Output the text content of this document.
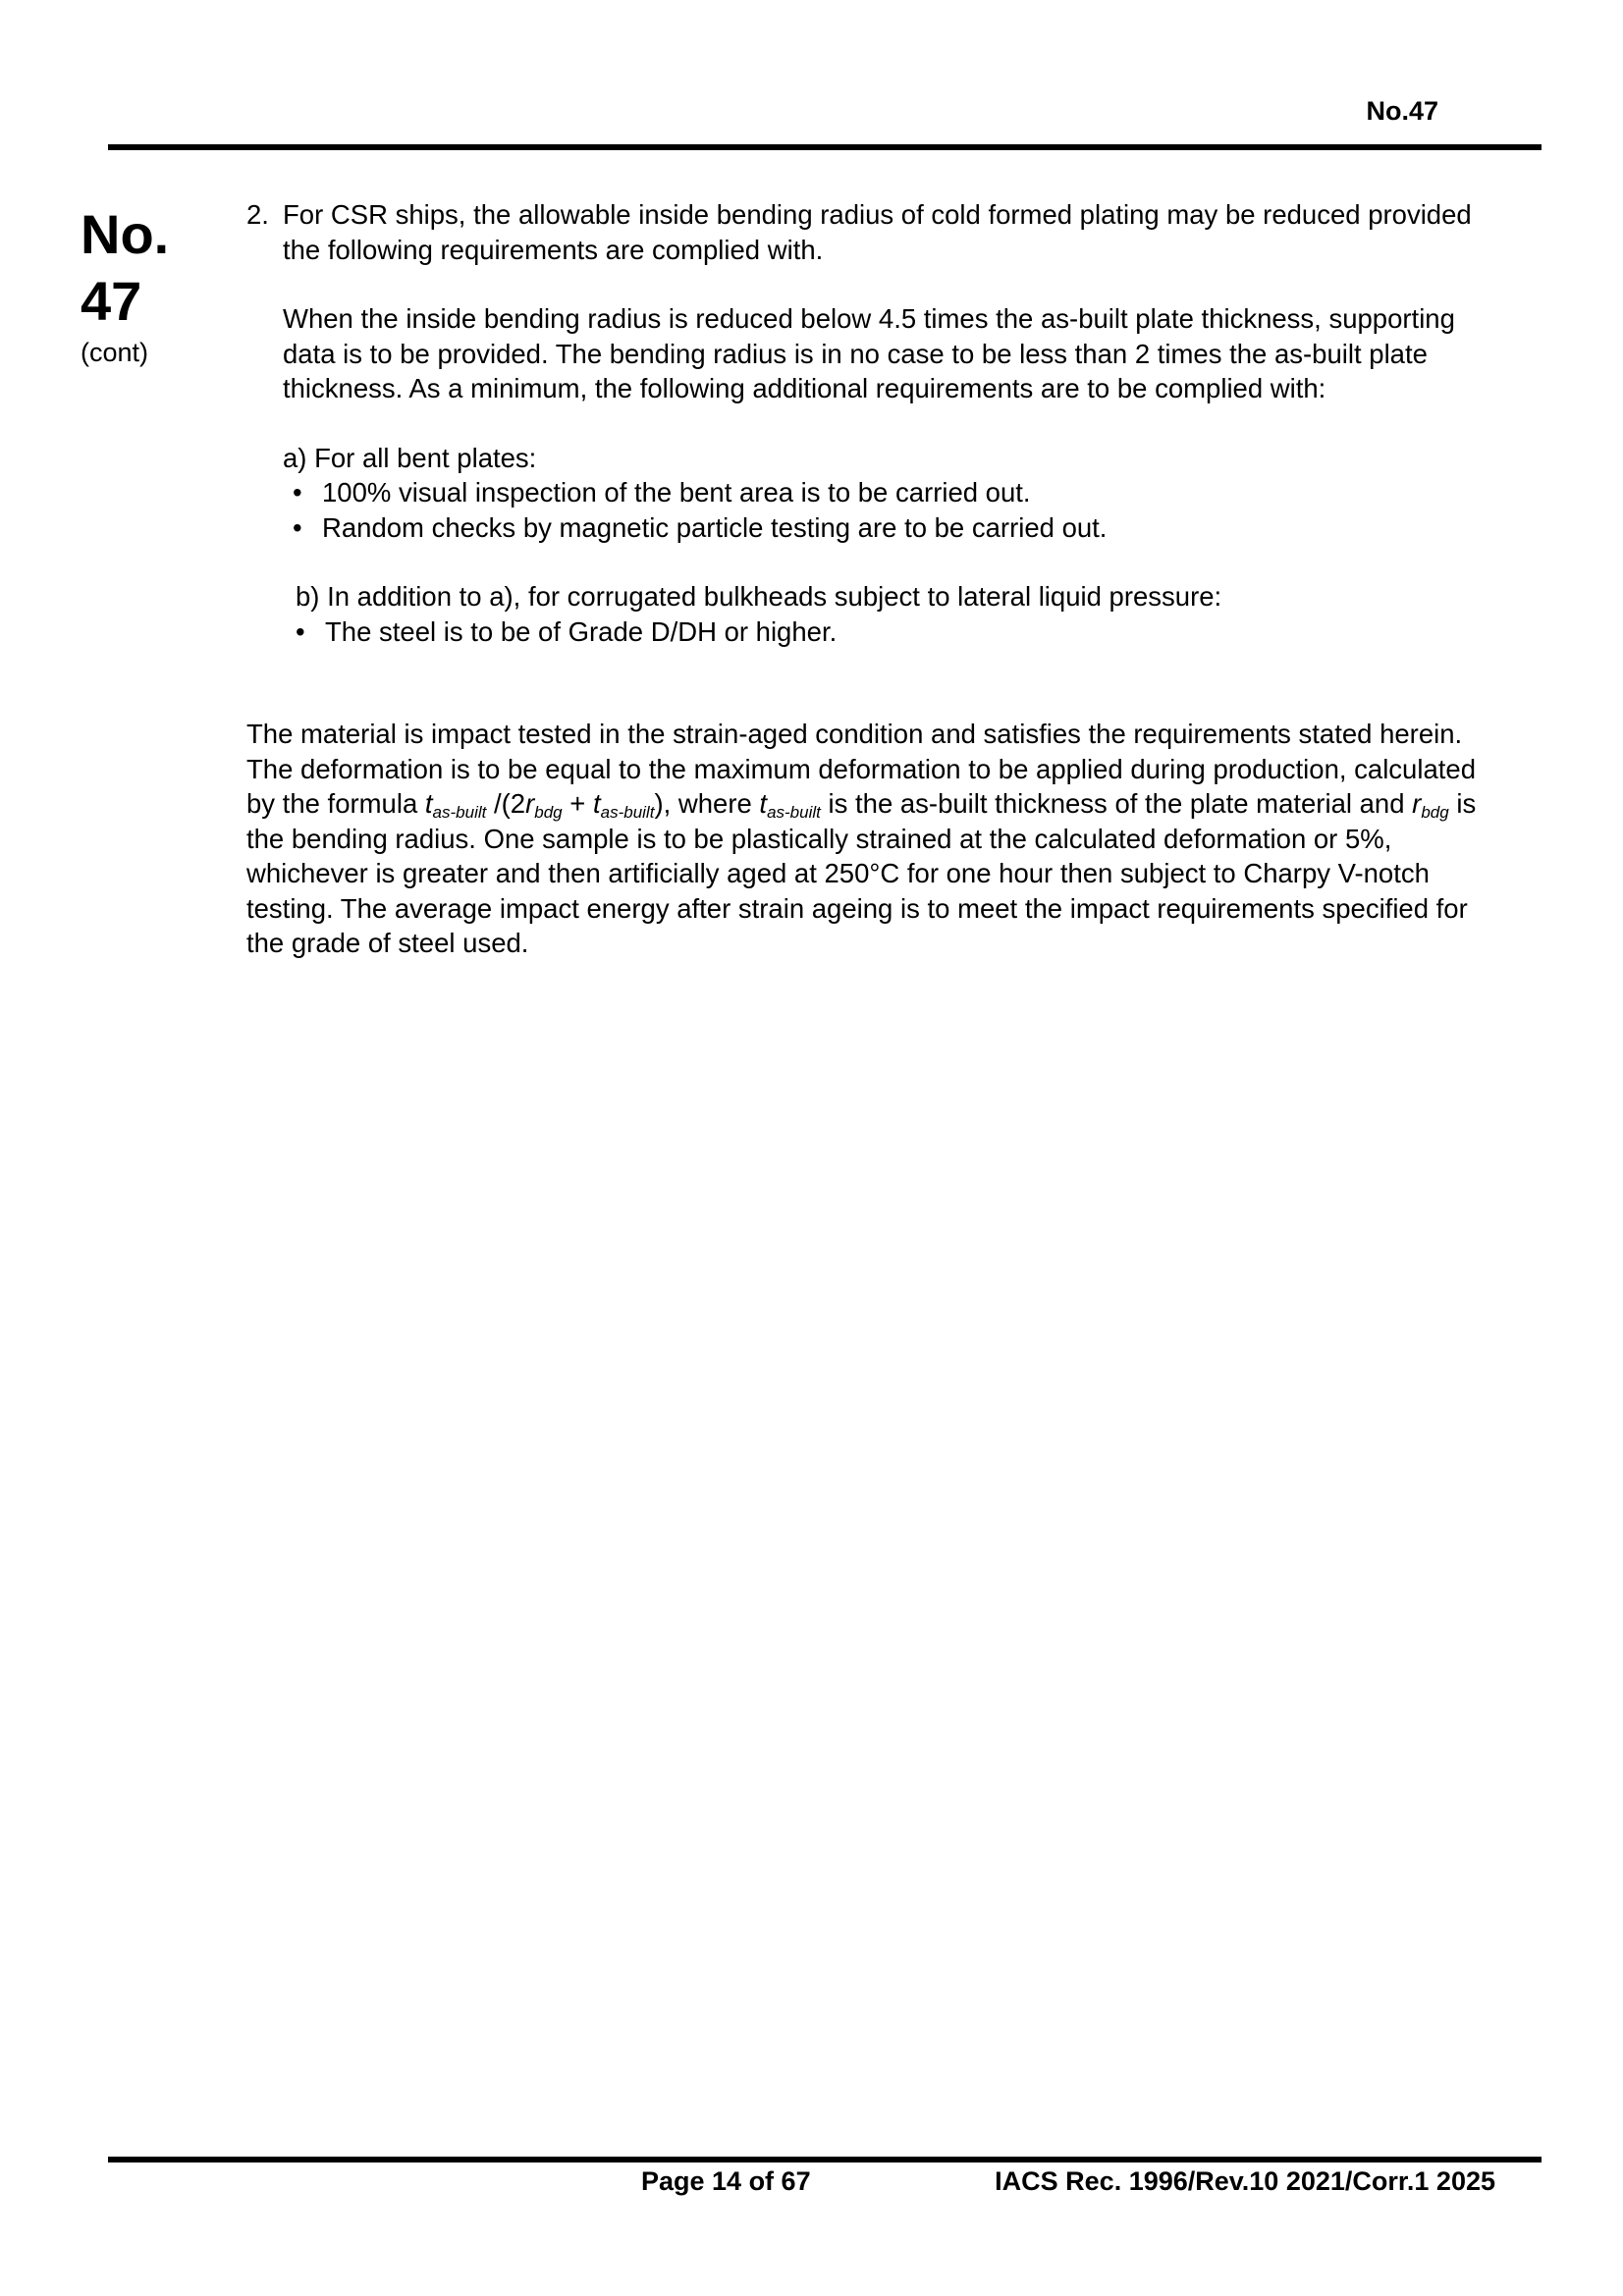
No.47
No.
47
(cont)
2. For CSR ships, the allowable inside bending radius of cold formed plating may be reduced provided the following requirements are complied with.

When the inside bending radius is reduced below 4.5 times the as-built plate thickness, supporting data is to be provided. The bending radius is in no case to be less than 2 times the as-built plate thickness. As a minimum, the following additional requirements are to be complied with:

a) For all bent plates:
• 100% visual inspection of the bent area is to be carried out.
• Random checks by magnetic particle testing are to be carried out.
b) In addition to a), for corrugated bulkheads subject to lateral liquid pressure:
• The steel is to be of Grade D/DH or higher.
The material is impact tested in the strain-aged condition and satisfies the requirements stated herein. The deformation is to be equal to the maximum deformation to be applied during production, calculated by the formula $t_{as-built}$ $/(2r_{bdg} + t_{as-built})$, where $t_{as-built}$ is the as-built thickness of the plate material and $r_{bdg}$ is the bending radius. One sample is to be plastically strained at the calculated deformation or 5%, whichever is greater and then artificially aged at 250°C for one hour then subject to Charpy V-notch testing. The average impact energy after strain ageing is to meet the impact requirements specified for the grade of steel used.
Page 14 of 67	IACS Rec. 1996/Rev.10 2021/Corr.1 2025
